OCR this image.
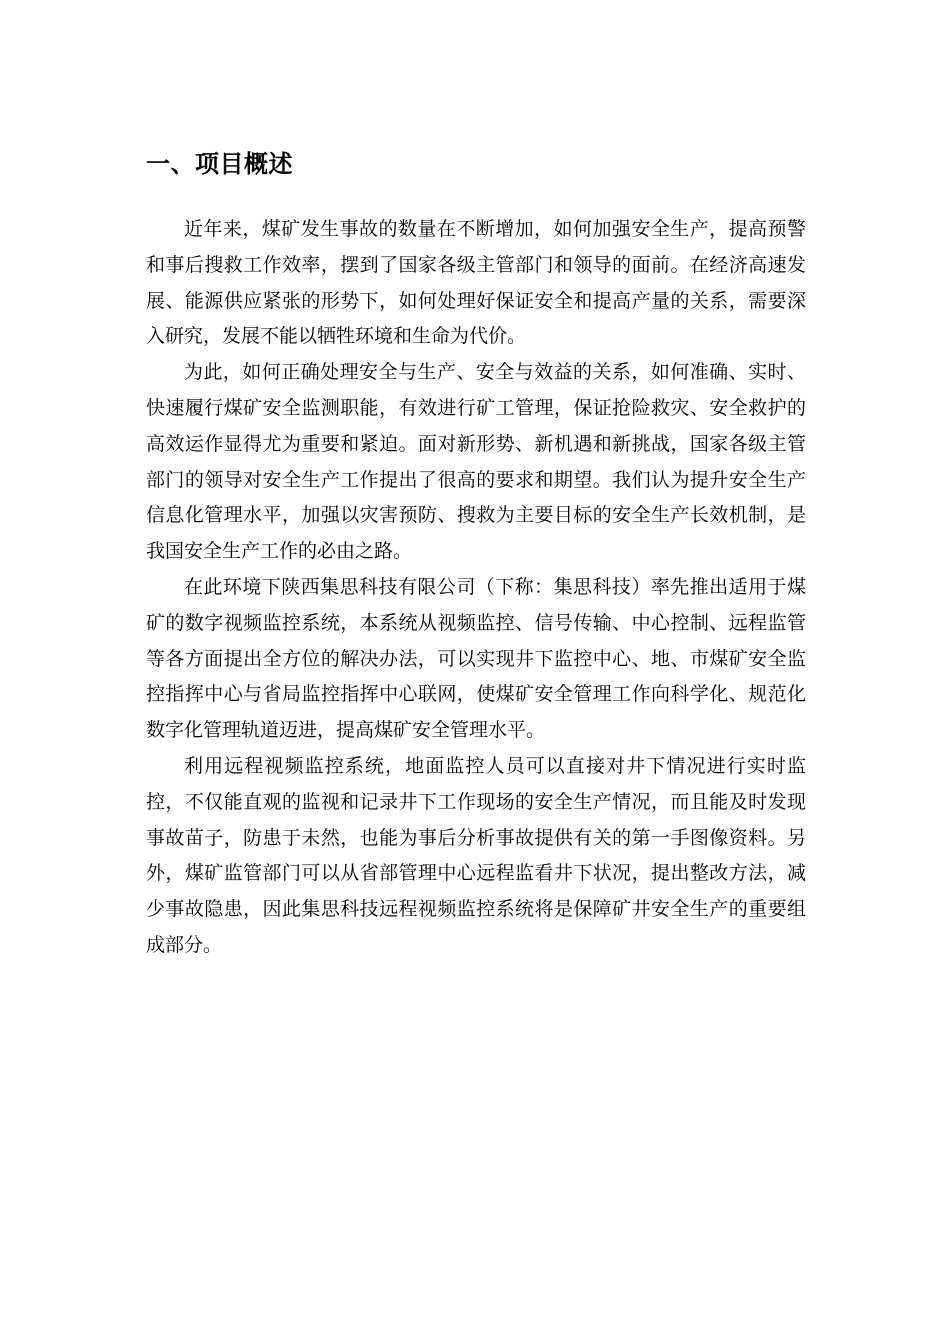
一、项目概述

近年来，煤矿发生事故的数量在不断增加，如何加强安全生产，提高预警和事后搜救工作效率，摆到了国家各级主管部门和领导的面前。在经济高速发展、能源供应紧张的形势下，如何处理好保证安全和提高产量的关系，需要深入研究，发展不能以牺牲环境和生命为代价。

为此，如何正确处理安全与生产、安全与效益的关系，如何准确、实时、快速履行煤矿安全监测职能，有效进行矿工管理，保证抢险救灾、安全救护的高效运作显得尤为重要和紧迫。面对新形势、新机遇和新挑战，国家各级主管部门的领导对安全生产工作提出了很高的要求和期望。我们认为提升安全生产信息化管理水平，加强以灾害预防、搜救为主要目标的安全生产长效机制，是我国安全生产工作的必由之路。

在此环境下陕西集思科技有限公司（下称：集思科技）率先推出适用于煤矿的数字视频监控系统，本系统从视频监控、信号传输、中心控制、远程监管等各方面提出全方位的解决办法，可以实现井下监控中心、地、市煤矿安全监控指挥中心与省局监控指挥中心联网，使煤矿安全管理工作向科学化、规范化数字化管理轨道迈进，提高煤矿安全管理水平。

利用远程视频监控系统，地面监控人员可以直接对井下情况进行实时监控，不仅能直观的监视和记录井下工作现场的安全生产情况，而且能及时发现事故苗子，防患于未然，也能为事后分析事故提供有关的第一手图像资料。另外，煤矿监管部门可以从省部管理中心远程监看井下状况，提出整改方法，减少事故隐患，因此集思科技远程视频监控系统将是保障矿井安全生产的重要组成部分。
